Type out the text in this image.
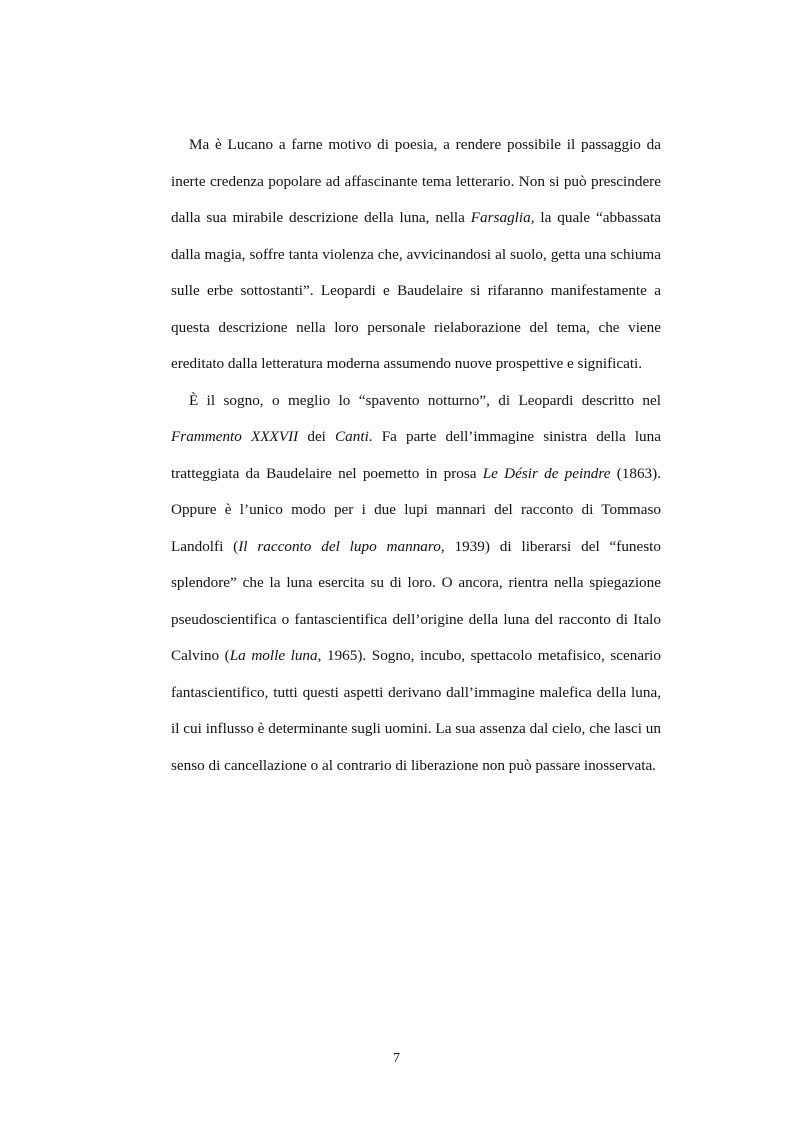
Ma è Lucano a farne motivo di poesia, a rendere possibile il passaggio da inerte credenza popolare ad affascinante tema letterario. Non si può prescindere dalla sua mirabile descrizione della luna, nella Farsaglia, la quale “abbassata dalla magia, soffre tanta violenza che, avvicinandosi al suolo, getta una schiuma sulle erbe sottostanti”. Leopardi e Baudelaire si rifaranno manifestamente a questa descrizione nella loro personale rielaborazione del tema, che viene ereditato dalla letteratura moderna assumendo nuove prospettive e significati.

È il sogno, o meglio lo “spavento notturno”, di Leopardi descritto nel Frammento XXXVII dei Canti. Fa parte dell’immagine sinistra della luna tratteggiata da Baudelaire nel poemetto in prosa Le Désir de peindre (1863). Oppure è l’unico modo per i due lupi mannari del racconto di Tommaso Landolfi (Il racconto del lupo mannaro, 1939) di liberarsi del “funesto splendore” che la luna esercita su di loro. O ancora, rientra nella spiegazione pseudoscientifica o fantascientifica dell’origine della luna del racconto di Italo Calvino (La molle luna, 1965). Sogno, incubo, spettacolo metafisico, scenario fantascientifico, tutti questi aspetti derivano dall’immagine malefica della luna, il cui influsso è determinante sugli uomini. La sua assenza dal cielo, che lasci un senso di cancellazione o al contrario di liberazione non può passare inosservata.

7
